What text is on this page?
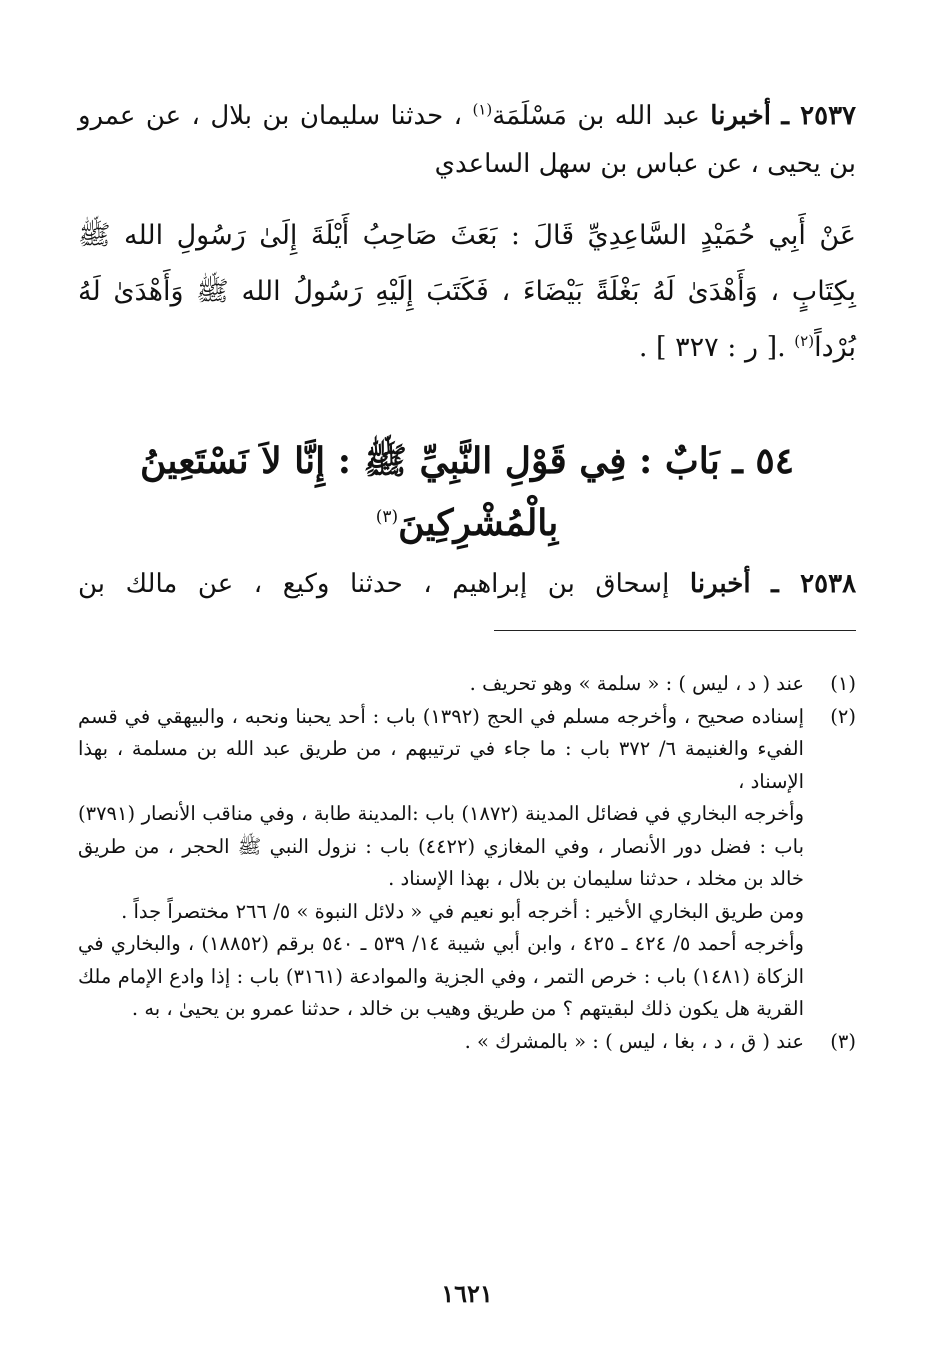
٢٥٣٧ ـ أخبرنا عبد الله بن مَسْلَمَة$^{(١)}$ ، حدثنا سليمان بن بلال ، عن عمرو بن يحيى ، عن عباس بن سهل الساعدي
عَنْ أَبِي حُمَيْدٍ السَّاعِدِيِّ قَالَ : بَعَثَ صَاحِبُ أَيْلَةَ إِلَىٰ رَسُولِ الله ﷺ بِكِتَابٍ ، وَأَهْدَىٰ لَهُ بَغْلَةً بَيْضَاءَ ، فَكَتَبَ إِلَيْهِ رَسُولُ الله ﷺ وَأَهْدَىٰ لَهُ بُرْداً$^{(٢)}$ .[ ر : ٣٢٧ ] .
٥٤ ـ بَابٌ : فِي قَوْلِ النَّبِيِّ ﷺ : إِنَّا لاَ نَسْتَعِينُ
بِالْمُشْرِكِينَ$^{(٣)}$
٢٥٣٨ ـ أخبرنا إسحاق بن إبراهيم ، حدثنا وكيع ، عن مالك بن
(١)

عند ( د ، ليس ) : « سلمة » وهو تحريف .

(٢)

إسناده صحيح ، وأخرجه مسلم في الحج (١٣٩٢) باب : أحد يحبنا ونحبه ، والبيهقي في قسم الفيء والغنيمة ٦/ ٣٧٢ باب : ما جاء في ترتيبهم ، من طريق عبد الله بن مسلمة ، بهذا الإسناد ،

وأخرجه البخاري في فضائل المدينة (١٨٧٢) باب :المدينة طابة ، وفي مناقب الأنصار (٣٧٩١) باب : فضل دور الأنصار ، وفي المغازي (٤٤٢٢) باب : نزول النبي ﷺ الحجر ، من طريق خالد بن مخلد ، حدثنا سليمان بن بلال ، بهذا الإسناد .

ومن طريق البخاري الأخير : أخرجه أبو نعيم في « دلائل النبوة » ٥/ ٢٦٦ مختصراً جداً .

وأخرجه أحمد ٥/ ٤٢٤ ـ ٤٢٥ ، وابن أبي شيبة ١٤/ ٥٣٩ ـ ٥٤٠ برقم (١٨٨٥٢) ، والبخاري في الزكاة (١٤٨١) باب : خرص التمر ، وفي الجزية والموادعة (٣١٦١) باب : إذا وادع الإمام ملك القرية هل يكون ذلك لبقيتهم ؟ من طريق وهيب بن خالد ، حدثنا عمرو بن يحيىٰ ، به .

(٣)

عند ( ق ، د ، بغا ، ليس ) : « بالمشرك » .

١٦٢١
